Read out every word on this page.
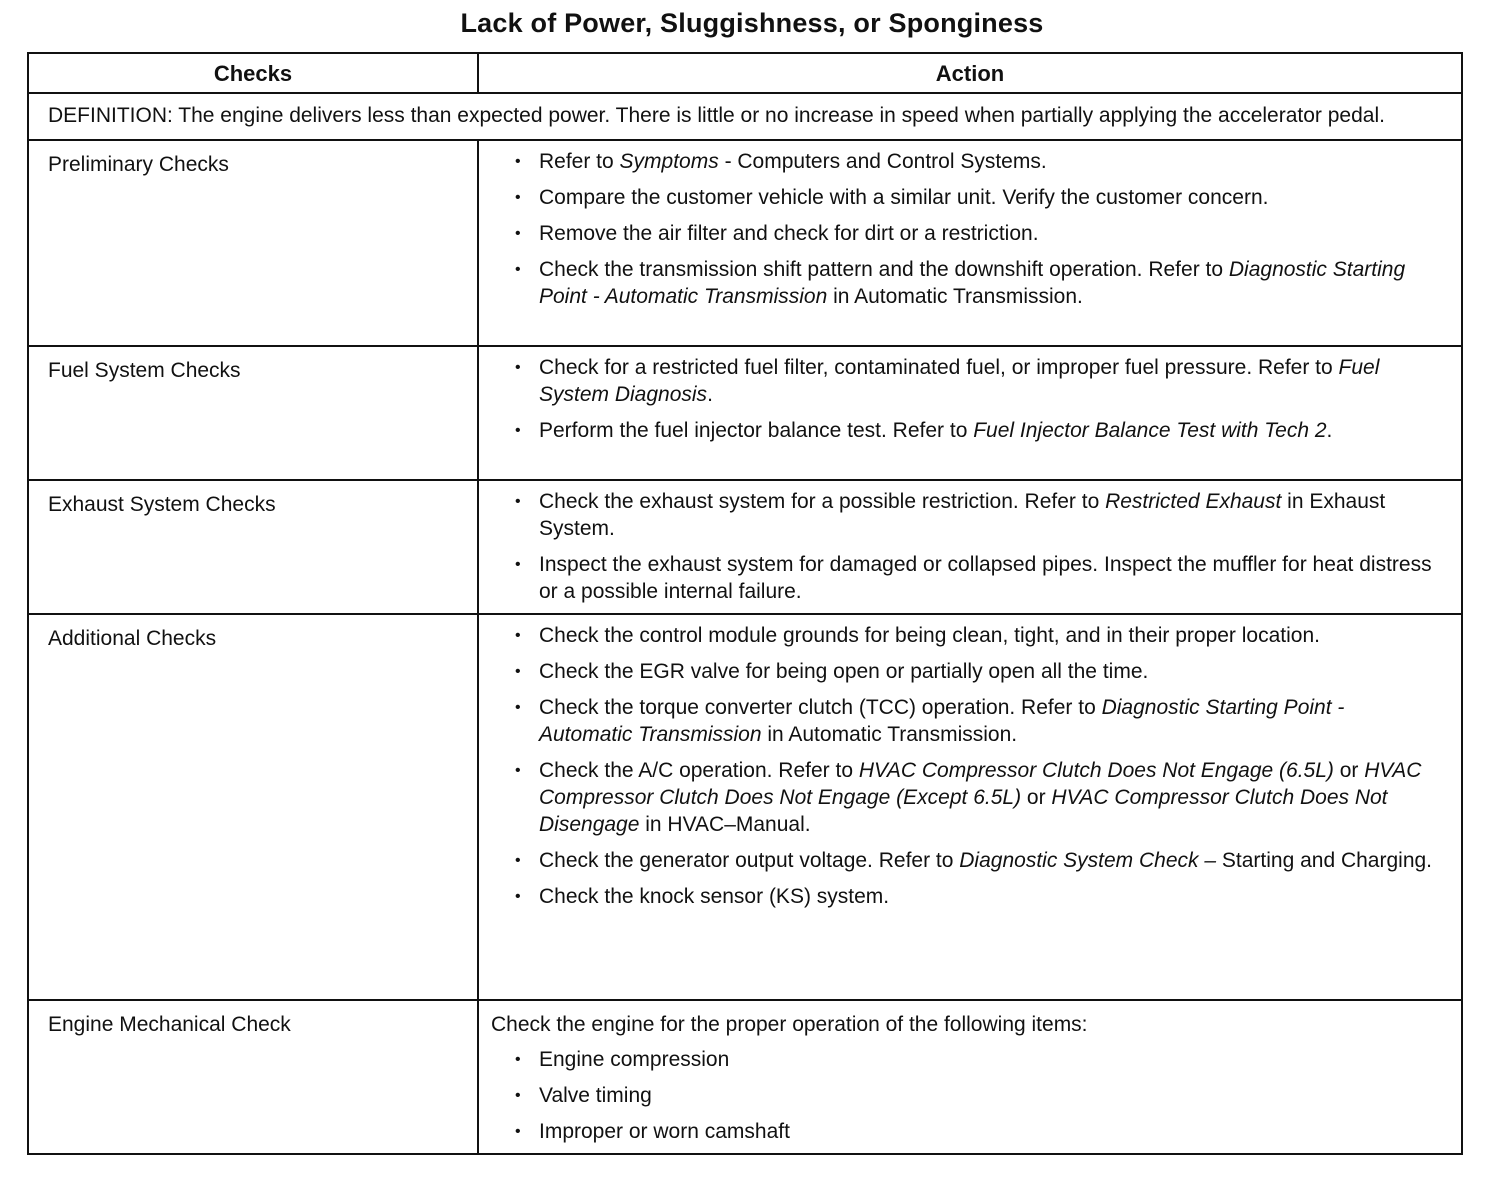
Lack of Power, Sluggishness, or Sponginess
Checks	Action
DEFINITION: The engine delivers less than expected power. There is little or no increase in speed when partially applying the accelerator pedal.	
Preliminary Checks	• Refer to Symptoms - Computers and Control Systems.
• Compare the customer vehicle with a similar unit. Verify the customer concern.
• Remove the air filter and check for dirt or a restriction.
• Check the transmission shift pattern and the downshift operation. Refer to Diagnostic Starting Point - Automatic Transmission in Automatic Transmission.

Fuel System Checks	• Check for a restricted fuel filter, contaminated fuel, or improper fuel pressure. Refer to Fuel System Diagnosis.
• Perform the fuel injector balance test. Refer to Fuel Injector Balance Test with Tech 2.

Exhaust System Checks	• Check the exhaust system for a possible restriction. Refer to Restricted Exhaust in Exhaust System.
• Inspect the exhaust system for damaged or collapsed pipes. Inspect the muffler for heat distress or a possible internal failure.

Additional Checks	• Check the control module grounds for being clean, tight, and in their proper location.
• Check the EGR valve for being open or partially open all the time.
• Check the torque converter clutch (TCC) operation. Refer to Diagnostic Starting Point - Automatic Transmission in Automatic Transmission.
• Check the A/C operation. Refer to HVAC Compressor Clutch Does Not Engage (6.5L) or HVAC Compressor Clutch Does Not Engage (Except 6.5L) or HVAC Compressor Clutch Does Not Disengage in HVAC–Manual.
• Check the generator output voltage. Refer to Diagnostic System Check – Starting and Charging.
• Check the knock sensor (KS) system.

Engine Mechanical Check	Check the engine for the proper operation of the following items:
• Engine compression
• Valve timing
• Improper or worn camshaft
